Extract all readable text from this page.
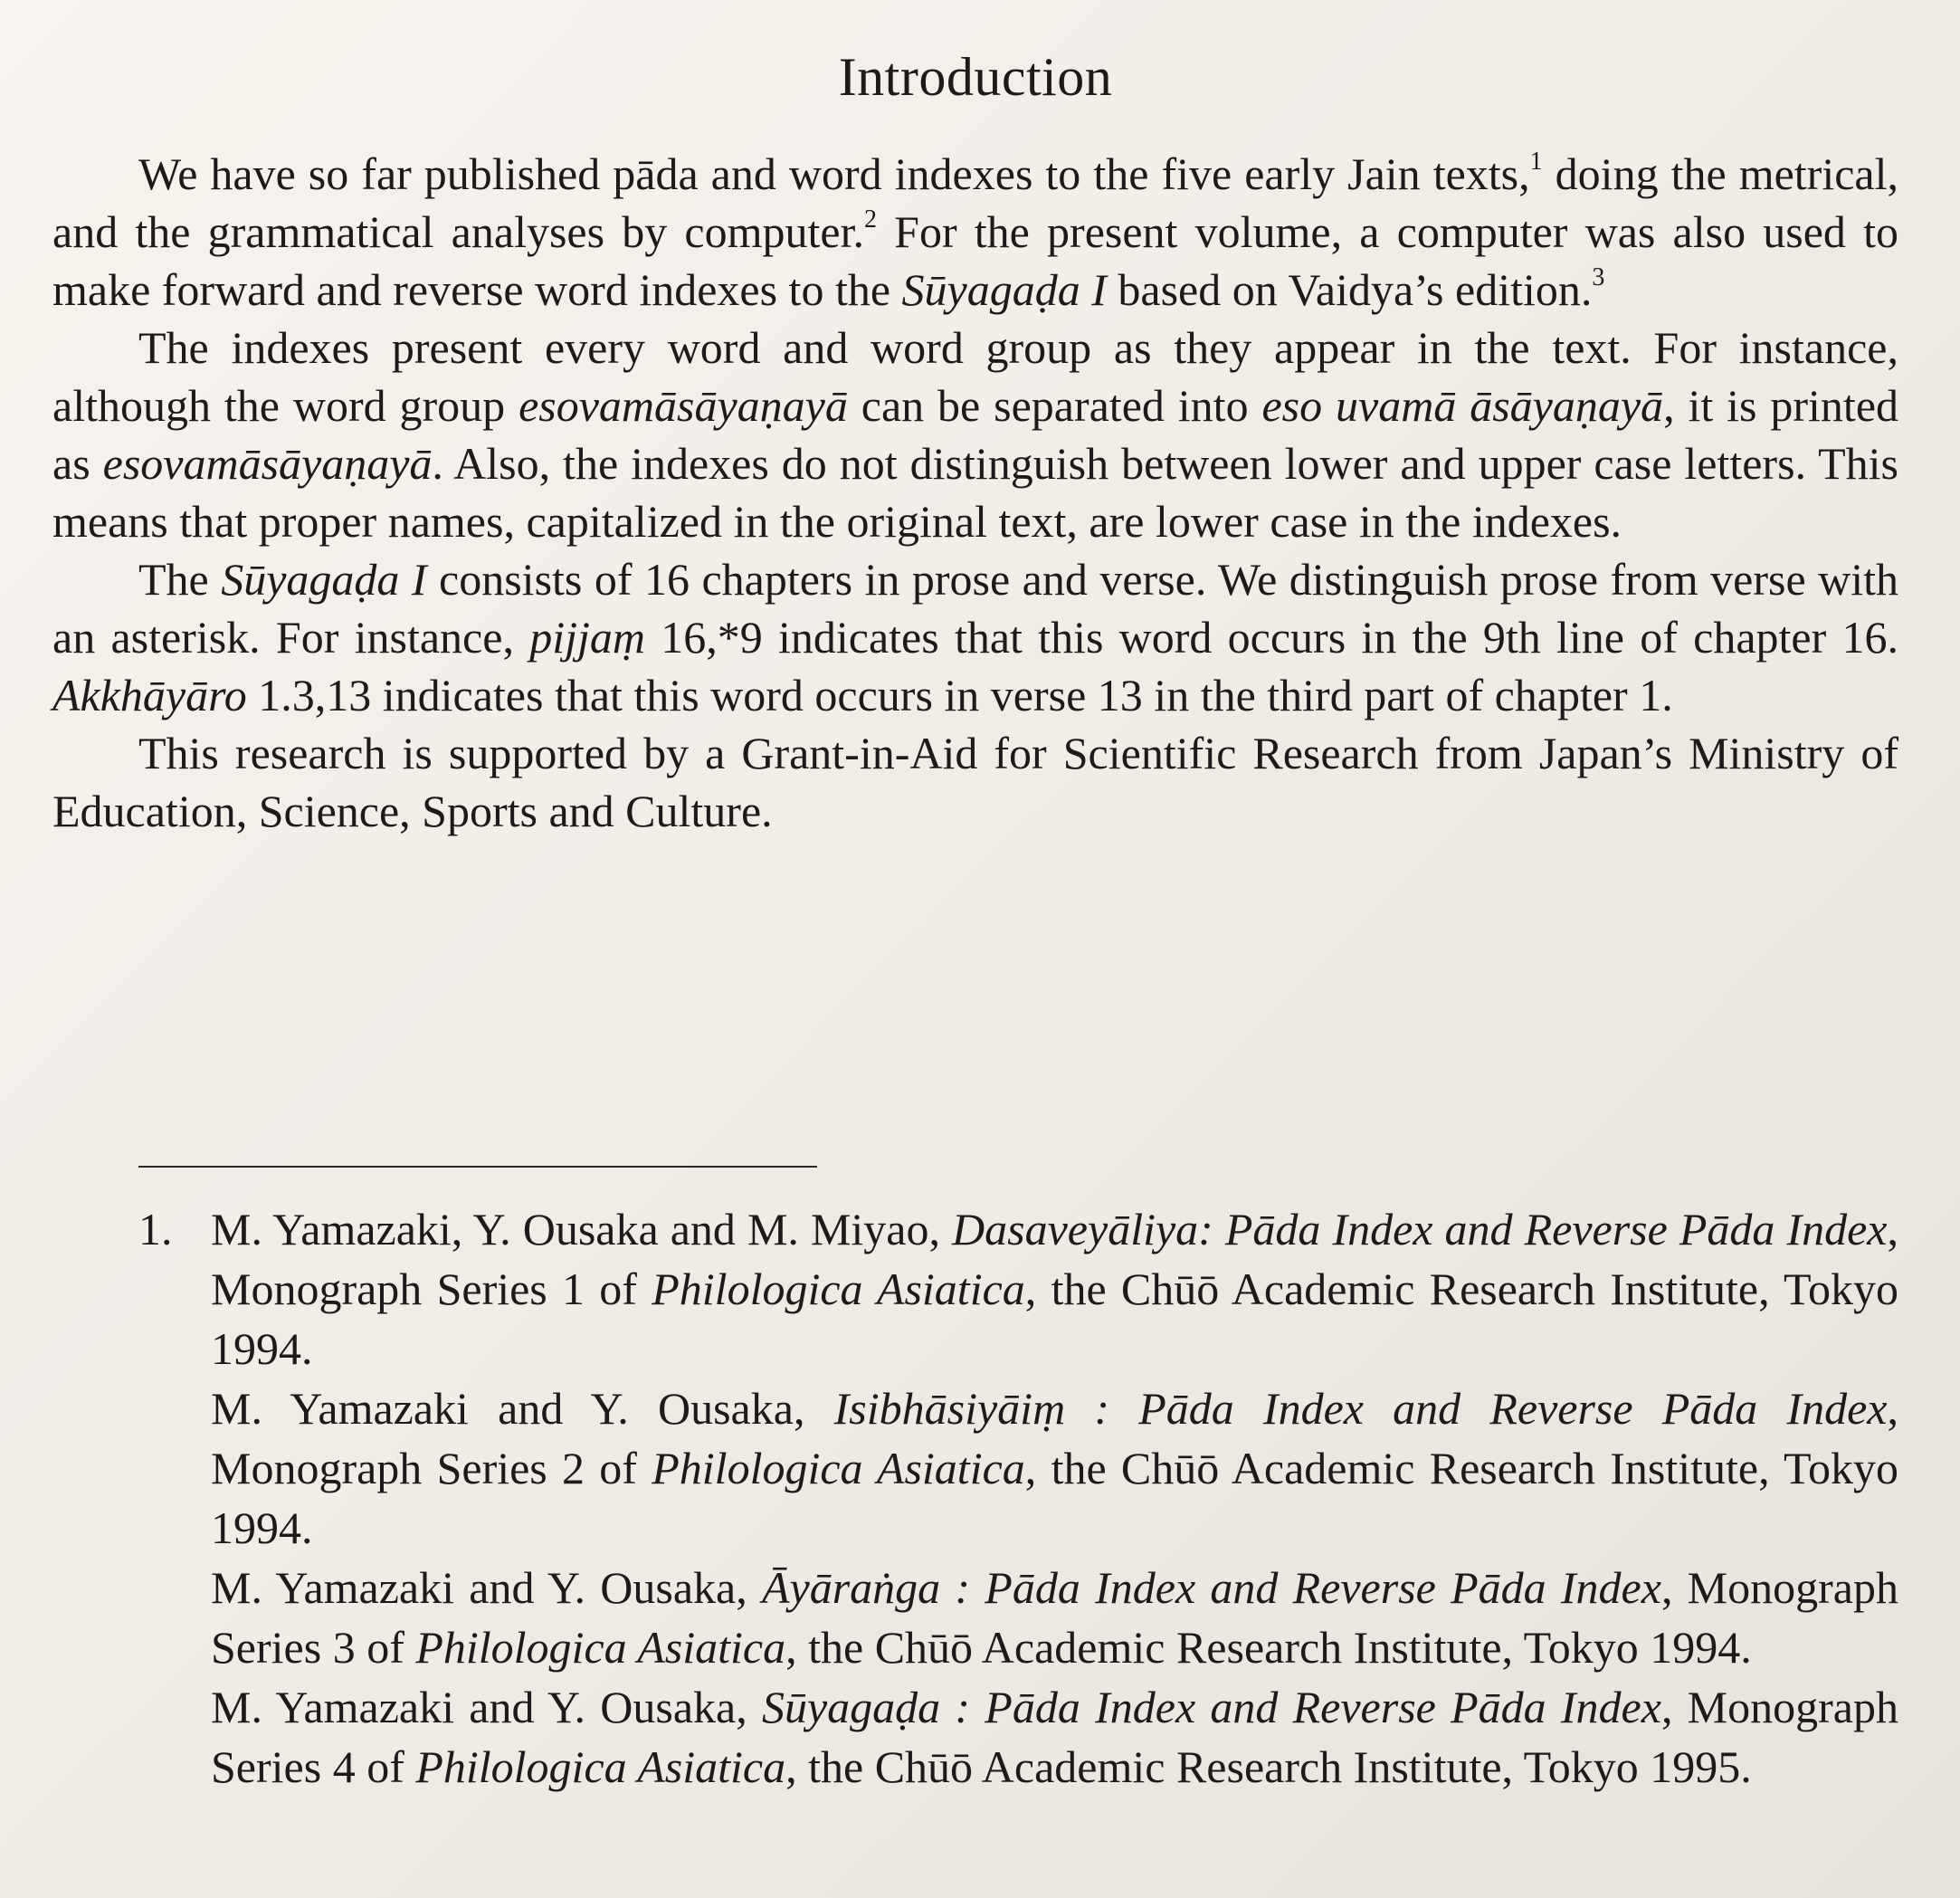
Introduction

We have so far published pāda and word indexes to the five early Jain texts,$^1$ doing the metrical, and the grammatical analyses by computer.$^2$ For the present volume, a computer was also used to make forward and reverse word indexes to the Sūyagaḍa I based on Vaidya’s edition.$^3$

The indexes present every word and word group as they appear in the text. For instance, although the word group esovamāsāyaṇayā can be separated into eso uvamā āsāyaṇayā, it is printed as esovamāsāyaṇayā. Also, the indexes do not distinguish between lower and upper case letters. This means that proper names, capitalized in the original text, are lower case in the indexes.

The Sūyagaḍa I consists of 16 chapters in prose and verse. We distinguish prose from verse with an asterisk. For instance, pijjaṃ 16,*9 indicates that this word occurs in the 9th line of chapter 16. Akkhāyāro 1.3,13 indicates that this word occurs in verse 13 in the third part of chapter 1.

This research is supported by a Grant-in-Aid for Scientific Research from Japan’s Ministry of Education, Science, Sports and Culture.

1. M. Yamazaki, Y. Ousaka and M. Miyao, Dasaveyāliya: Pāda Index and Reverse Pāda Index, Monograph Series 1 of Philologica Asiatica, the Chūō Academic Research Institute, Tokyo 1994.

M. Yamazaki and Y. Ousaka, Isibhāsiyāiṃ : Pāda Index and Reverse Pāda Index, Monograph Series 2 of Philologica Asiatica, the Chūō Academic Research Institute, Tokyo 1994.

M. Yamazaki and Y. Ousaka, Āyāraṅga : Pāda Index and Reverse Pāda Index, Monograph Series 3 of Philologica Asiatica, the Chūō Academic Research Institute, Tokyo 1994.

M. Yamazaki and Y. Ousaka, Sūyagaḍa : Pāda Index and Reverse Pāda Index, Monograph Series 4 of Philologica Asiatica, the Chūō Academic Research Institute, Tokyo 1995.
